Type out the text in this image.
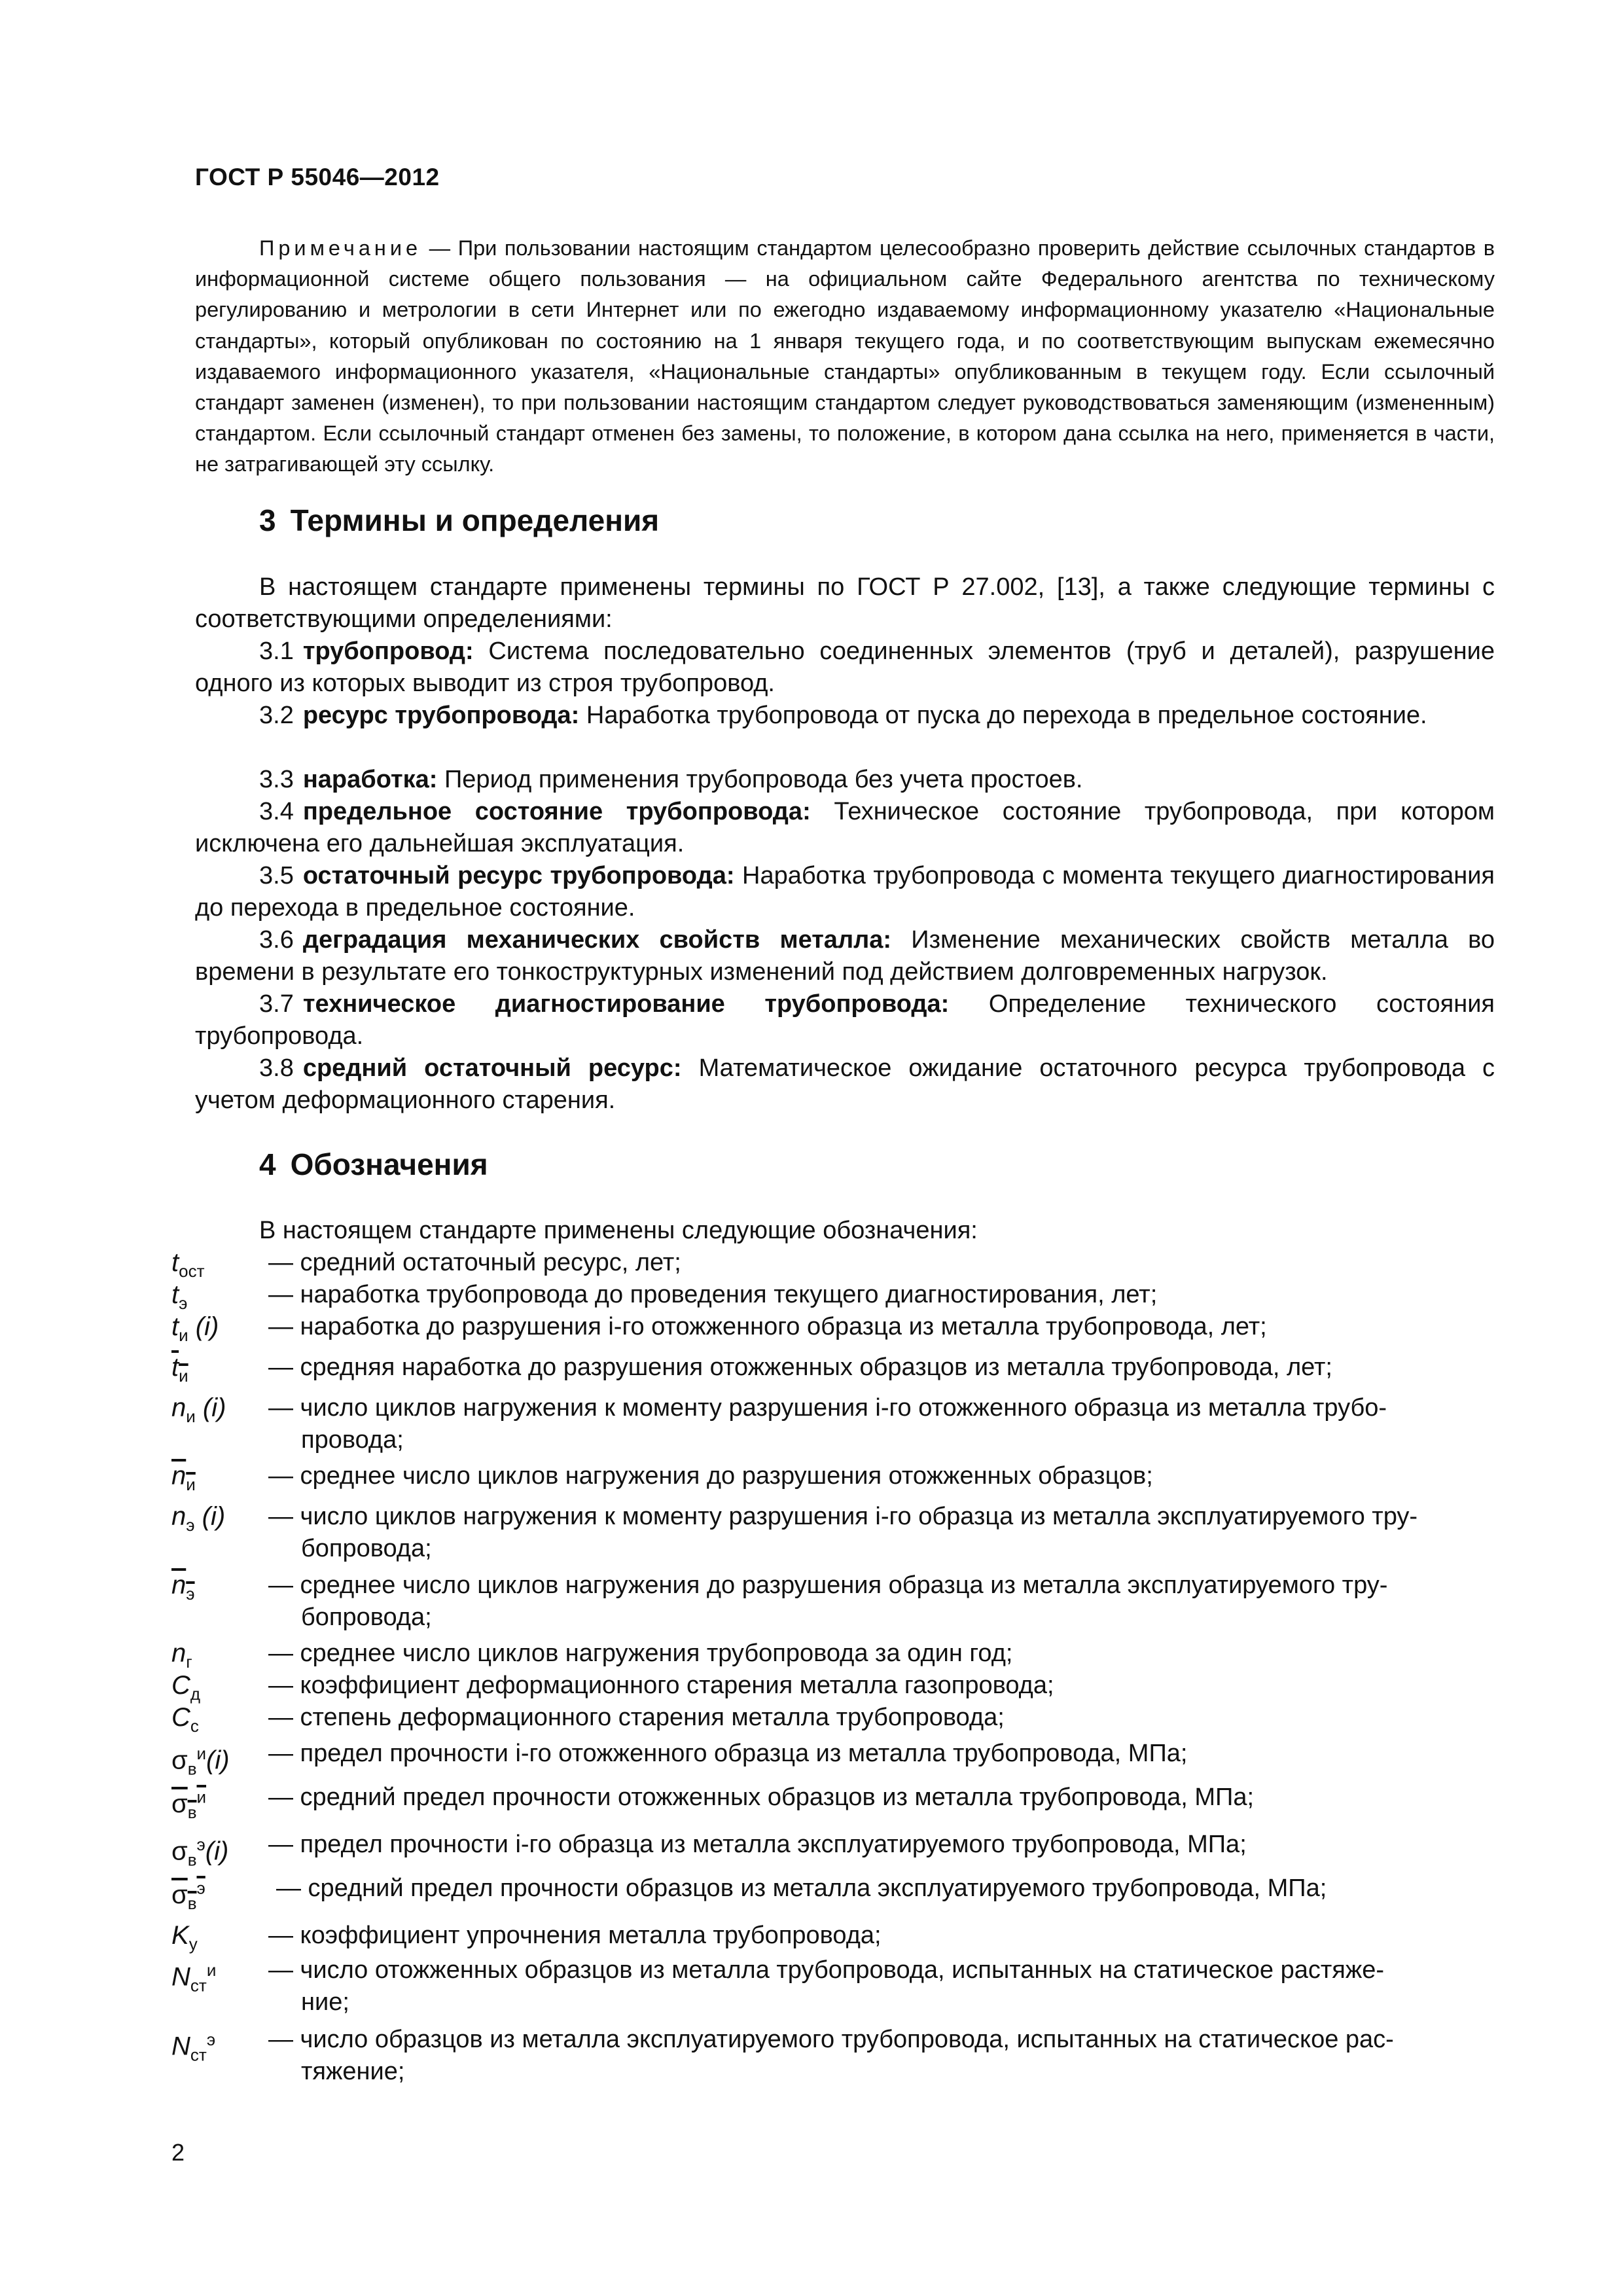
ГОСТ Р 55046—2012
Примечание — При пользовании настоящим стандартом целесообразно проверить действие ссылочных стандартов в информационной системе общего пользования — на официальном сайте Федерального агентства по техническому регулированию и метрологии в сети Интернет или по ежегодно издаваемому информационному указателю «Национальные стандарты», который опубликован по состоянию на 1 января текущего года, и по соответствующим выпускам ежемесячно издаваемого информационного указателя, «Национальные стандарты» опубликованным в текущем году. Если ссылочный стандарт заменен (изменен), то при пользовании настоящим стандартом следует руководствоваться заменяющим (измененным) стандартом. Если ссылочный стандарт отменен без замены, то положение, в котором дана ссылка на него, применяется в части, не затрагивающей эту ссылку.
3 Термины и определения
В настоящем стандарте применены термины по ГОСТ Р 27.002, [13], а также следующие термины с соответствующими определениями:
3.1 трубопровод: Система последовательно соединенных элементов (труб и деталей), разрушение одного из которых выводит из строя трубопровод.
3.2 ресурс трубопровода: Наработка трубопровода от пуска до перехода в предельное состояние.
3.3 наработка: Период применения трубопровода без учета простоев.
3.4 предельное состояние трубопровода: Техническое состояние трубопровода, при котором исключена его дальнейшая эксплуатация.
3.5 остаточный ресурс трубопровода: Наработка трубопровода с момента текущего диагностирования до перехода в предельное состояние.
3.6 деградация механических свойств металла: Изменение механических свойств металла во времени в результате его тонкоструктурных изменений под действием долговременных нагрузок.
3.7 техническое диагностирование трубопровода: Определение технического состояния трубопровода.
3.8 средний остаточный ресурс: Математическое ожидание остаточного ресурса трубопровода с учетом деформационного старения.
4 Обозначения
В настоящем стандарте применены следующие обозначения:
$t_{ост}$	— средний остаточный ресурс, лет;
$t_э$	— наработка трубопровода до проведения текущего диагностирования, лет;
$t_и$ (i) — наработка до разрушения i-го отожженного образца из металла трубопровода, лет;
$t_и$	— средняя наработка до разрушения отожженных образцов из металла трубопровода, лет;
$n_и$ (i) — число циклов нагружения к моменту разрушения i-го отожженного образца из металла трубо-
провода;
$n_и$	— среднее число циклов нагружения до разрушения отожженных образцов;
$n_э$ (i) — число циклов нагружения к моменту разрушения i-го образца из металла эксплуатируемого тру-
бопровода;
$n_э$	— среднее число циклов нагружения до разрушения образца из металла эксплуатируемого тру-
бопровода;
$n_г$	— среднее число циклов нагружения трубопровода за один год;
$C_д$	— коэффициент деформационного старения металла газопровода;
$C_с$	— степень деформационного старения металла трубопровода;
$\sigma_в^и(i)$ — предел прочности i-го отожженного образца из металла трубопровода, МПа;
$\sigma_в^и$ — средний предел прочности отожженных образцов из металла трубопровода, МПа;
$\sigma_в^э(i)$ — предел прочности i-го образца из металла эксплуатируемого трубопровода, МПа;
$\sigma_в^э$	— средний предел прочности образцов из металла эксплуатируемого трубопровода, МПа;
$K_у$	— коэффициент упрочнения металла трубопровода;
$N_{ст}^и$ — число отожженных образцов из металла трубопровода, испытанных на статическое растяже-
ние;
$N_{ст}^э$ — число образцов из металла эксплуатируемого трубопровода, испытанных на статическое рас-
тяжение;
2
